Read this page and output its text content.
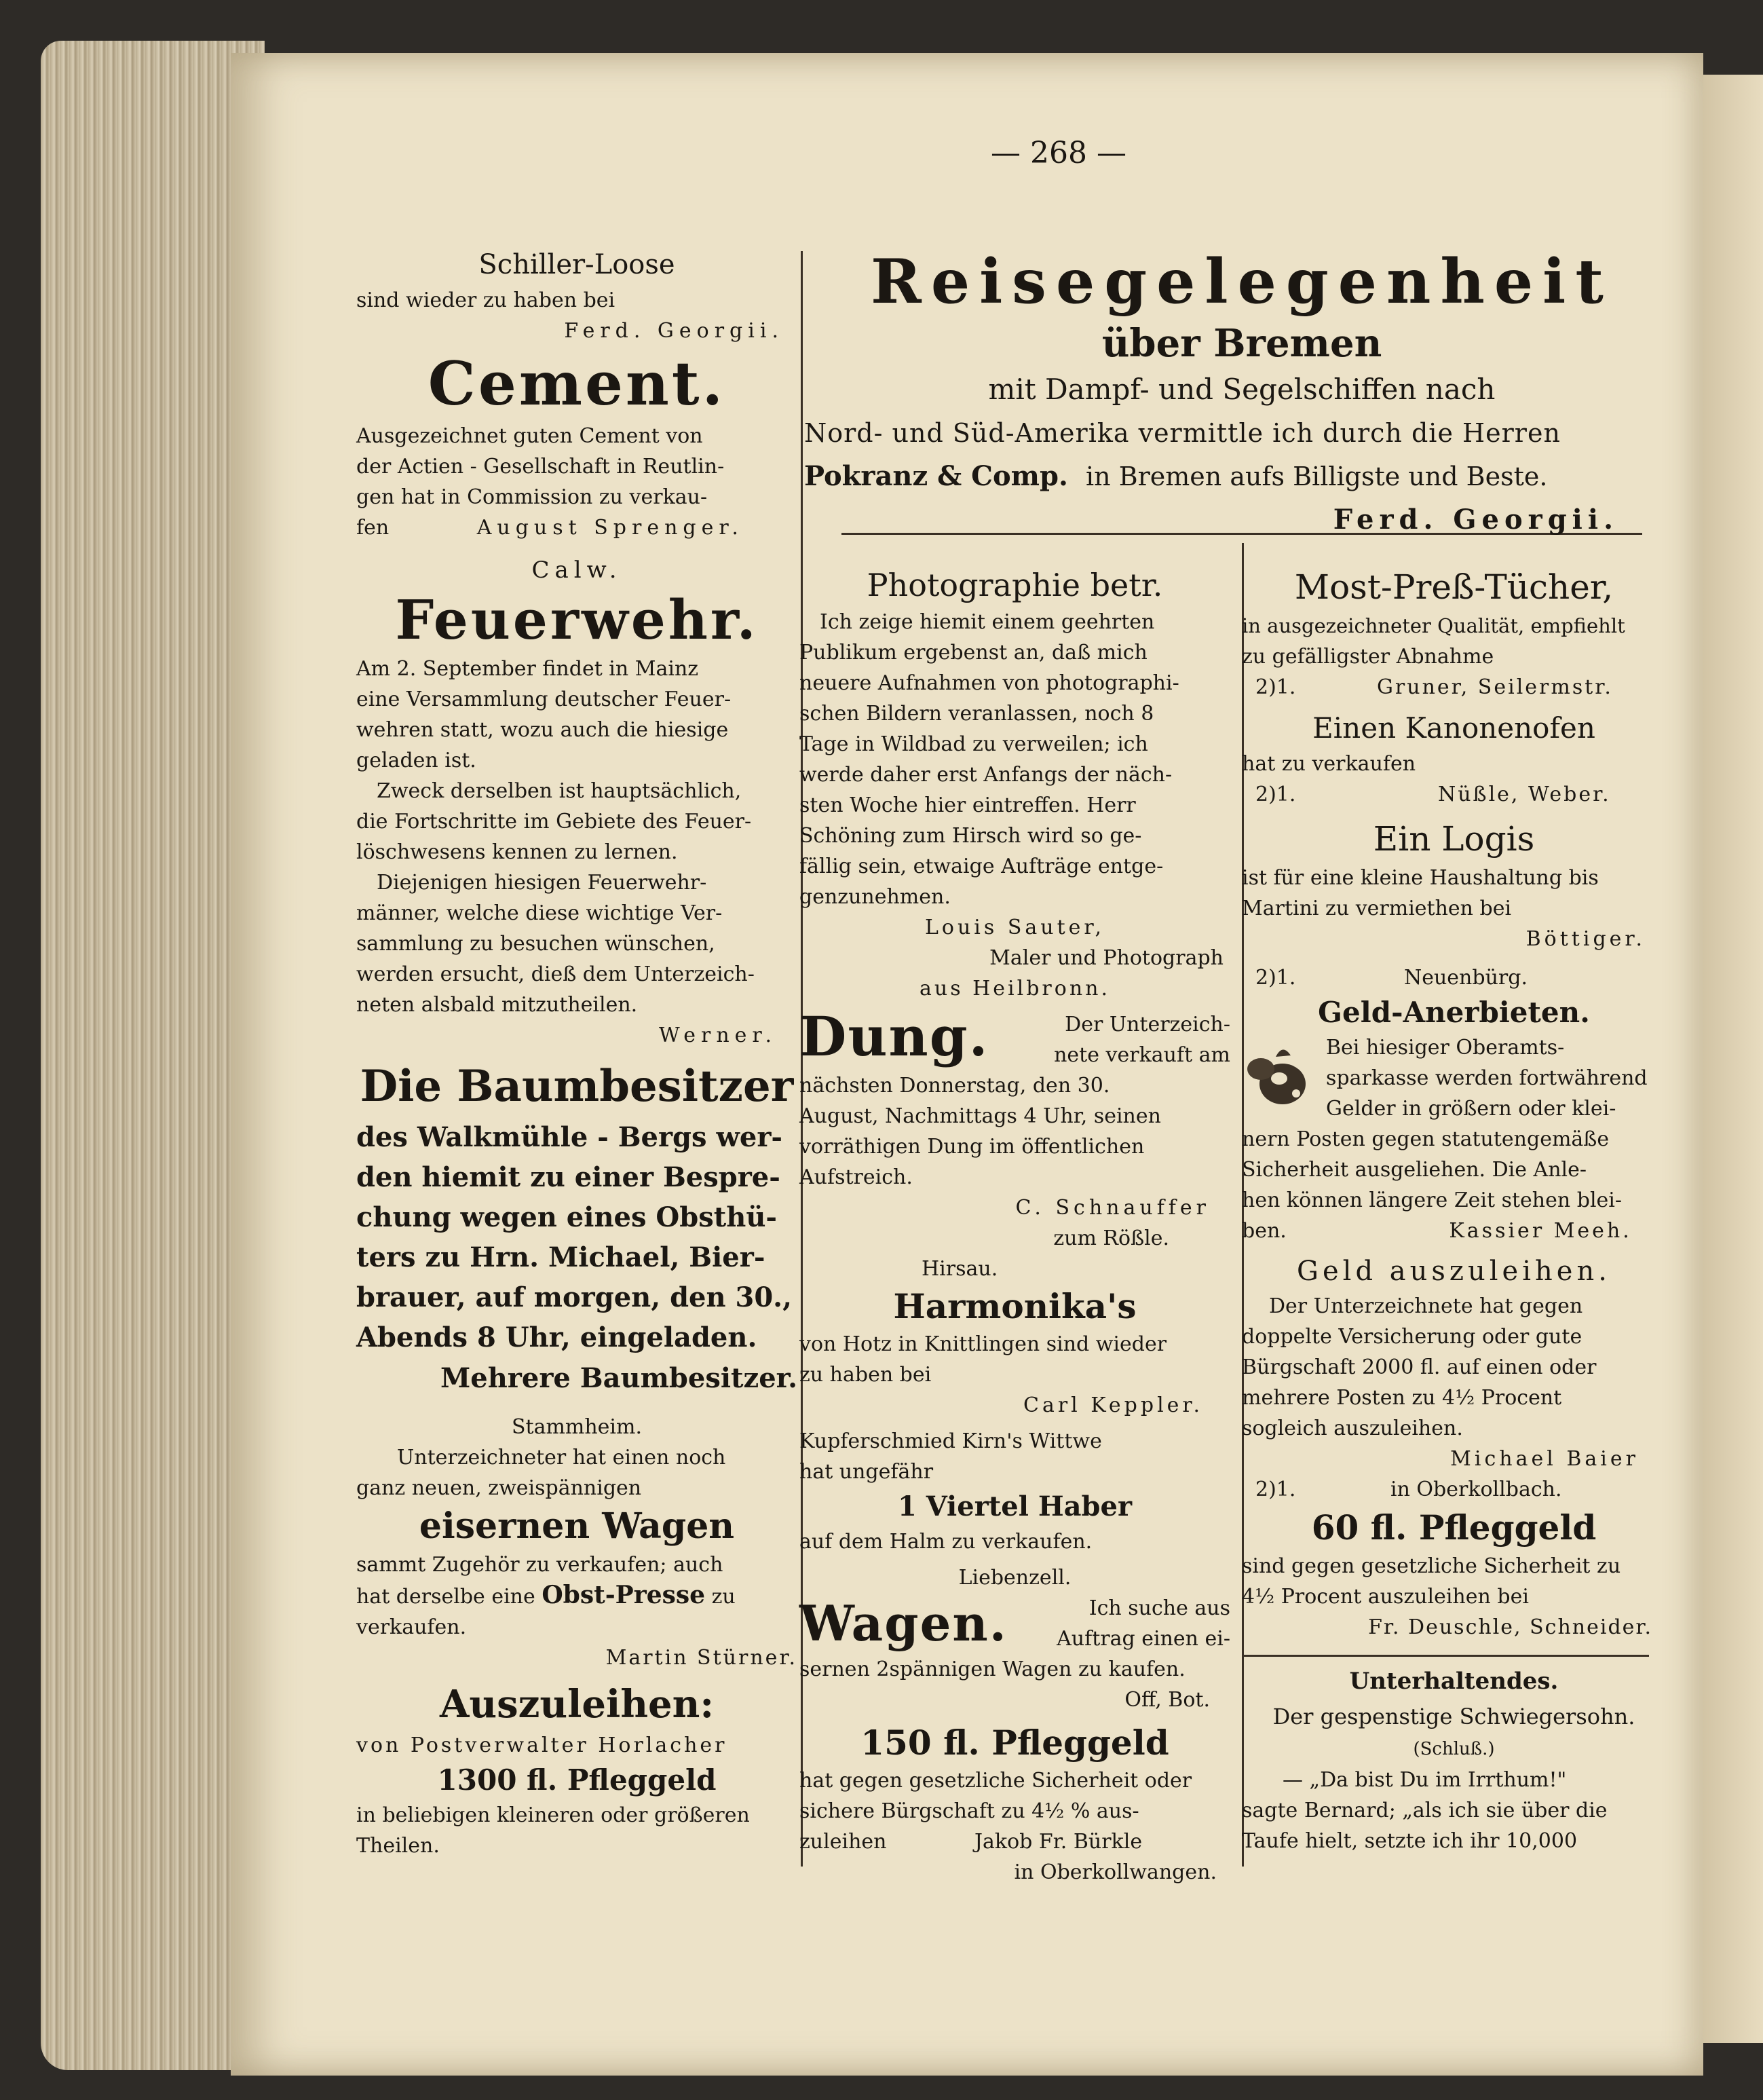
— 268 —
Schiller-Loose
sind wieder zu haben bei
Ferd. Georgii.
Cement.
Ausgezeichnet guten Cement von
der Actien - Gesellschaft in Reutlin-
gen hat in Commission zu verkau-
fen	August Sprenger.
Calw.
Feuerwehr.
Am 2. September findet in Mainz
eine Versammlung deutscher Feuer-
wehren statt, wozu auch die hiesige
geladen ist.
Zweck derselben ist hauptsächlich,
die Fortschritte im Gebiete des Feuer-
löschwesens kennen zu lernen.
Diejenigen hiesigen Feuerwehr-
männer, welche diese wichtige Ver-
sammlung zu besuchen wünschen,
werden ersucht, dieß dem Unterzeich-
neten alsbald mitzutheilen.
Werner.
Die Baumbesitzer
des Walkmühle - Bergs wer-
den hiemit zu einer Bespre-
chung wegen eines Obsthü-
ters zu Hrn. Michael, Bier-
brauer, auf morgen, den 30.,
Abends 8 Uhr, eingeladen.
Mehrere Baumbesitzer.
Stammheim.
Unterzeichneter hat einen noch
ganz neuen, zweispännigen
eisernen Wagen
sammt Zugehör zu verkaufen; auch
hat derselbe eine Obst-Presse zu
verkaufen.
Martin Stürner.
Auszuleihen:
von Postverwalter Horlacher
1300 fl. Pfleggeld
in beliebigen kleineren oder größeren
Theilen.
Reisegelegenheit
über Bremen
mit Dampf- und Segelschiffen nach
Nord- und Süd-Amerika vermittle ich durch die Herren
Pokranz & Comp. in Bremen aufs Billigste und Beste.
Ferd. Georgii.
Photographie betr.
Ich zeige hiemit einem geehrten
Publikum ergebenst an, daß mich
neuere Aufnahmen von photographi-
schen Bildern veranlassen, noch 8
Tage in Wildbad zu verweilen; ich
werde daher erst Anfangs der näch-
sten Woche hier eintreffen. Herr
Schöning zum Hirsch wird so ge-
fällig sein, etwaige Aufträge entge-
genzunehmen.
Louis Sauter,
Maler und Photograph
aus Heilbronn.
Dung.	Der Unterzeich-
nete verkauft am
nächsten Donnerstag, den 30.
August, Nachmittags 4 Uhr, seinen
vorräthigen Dung im öffentlichen
Aufstreich.
C. Schnauffer
zum Rößle.
Hirsau.
Harmonika's
von Hotz in Knittlingen sind wieder
zu haben bei
Carl Keppler.
Kupferschmied Kirn's Wittwe
hat ungefähr
1 Viertel Haber
auf dem Halm zu verkaufen.
Liebenzell.
Wagen.	Ich suche aus
Auftrag einen ei-
sernen 2spännigen Wagen zu kaufen.
Off, Bot.
150 fl. Pfleggeld
hat gegen gesetzliche Sicherheit oder
sichere Bürgschaft zu 4½ % aus-
zuleihen	Jakob Fr. Bürkle
in Oberkollwangen.
Most-Preß-Tücher,
in ausgezeichneter Qualität, empfiehlt
zu gefälligster Abnahme
2)1.	Gruner, Seilermstr.
Einen Kanonenofen
hat zu verkaufen
2)1.	Nüßle, Weber.
Ein Logis
ist für eine kleine Haushaltung bis
Martini zu vermiethen bei
Böttiger.
2)1.	Neuenbürg.
Geld-Anerbieten.
Bei hiesiger Oberamts-
sparkasse werden fortwährend
Gelder in größern oder klei-
nern Posten gegen statutengemäße
Sicherheit ausgeliehen. Die Anle-
hen können längere Zeit stehen blei-
ben.	Kassier Meeh.
Geld auszuleihen.
Der Unterzeichnete hat gegen
doppelte Versicherung oder gute
Bürgschaft 2000 fl. auf einen oder
mehrere Posten zu 4½ Procent
sogleich auszuleihen.
Michael Baier
2)1.	in Oberkollbach.
60 fl. Pfleggeld
sind gegen gesetzliche Sicherheit zu
4½ Procent auszuleihen bei
Fr. Deuschle, Schneider.
Unterhaltendes.
Der gespenstige Schwiegersohn.
(Schluß.)
— „Da bist Du im Irrthum!"
sagte Bernard; „als ich sie über die
Taufe hielt, setzte ich ihr 10,000
